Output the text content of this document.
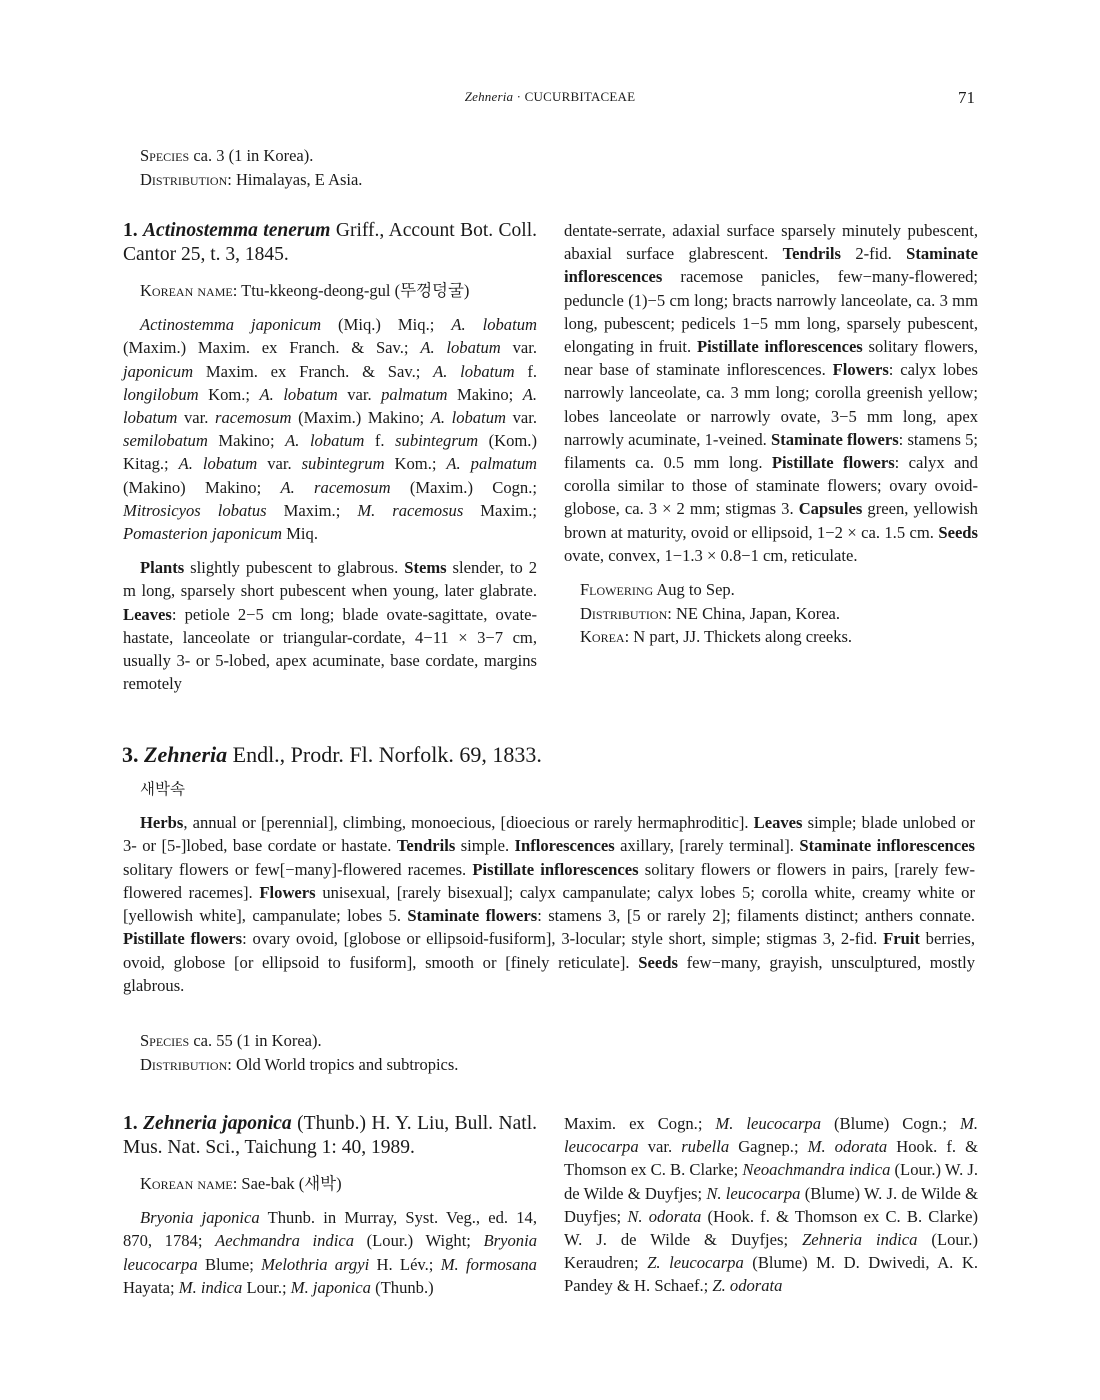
Zehneria · CUCURBITACEAE	71
Species ca. 3 (1 in Korea).
Distribution: Himalayas, E Asia.

1. Actinostemma tenerum Griff., Account Bot. Coll. Cantor 25, t. 3, 1845.

Korean name: Ttu-kkeong-deong-gul (뚜껑덩굴)

Actinostemma japonicum (Miq.) Miq.; A. lobatum (Maxim.) Maxim. ex Franch. & Sav.; A. lobatum var. japonicum Maxim. ex Franch. & Sav.; A. lobatum f. longilobum Kom.; A. lobatum var. palmatum Makino; A. lobatum var. racemosum (Maxim.) Makino; A. lobatum var. semilobatum Makino; A. lobatum f. subintegrum (Kom.) Kitag.; A. lobatum var. subintegrum Kom.; A. palmatum (Makino) Makino; A. racemosum (Maxim.) Cogn.; Mitrosicyos lobatus Maxim.; M. racemosus Maxim.; Pomasterion japonicum Miq.

Plants slightly pubescent to glabrous. Stems slender, to 2 m long, sparsely short pubescent when young, later glabrate. Leaves: petiole 2−5 cm long; blade ovate-sagittate, ovate-hastate, lanceolate or triangular-cordate, 4−11 × 3−7 cm, usually 3- or 5-lobed, apex acuminate, base cordate, margins remotely

dentate-serrate, adaxial surface sparsely minutely pubescent, abaxial surface glabrescent. Tendrils 2-fid. Staminate inflorescences racemose panicles, few−many-flowered; peduncle (1)−5 cm long; bracts narrowly lanceolate, ca. 3 mm long, pubescent; pedicels 1−5 mm long, sparsely pubescent, elongating in fruit. Pistillate inflorescences solitary flowers, near base of staminate inflorescences. Flowers: calyx lobes narrowly lanceolate, ca. 3 mm long; corolla greenish yellow; lobes lanceolate or narrowly ovate, 3−5 mm long, apex narrowly acuminate, 1-veined. Staminate flowers: stamens 5; filaments ca. 0.5 mm long. Pistillate flowers: calyx and corolla similar to those of staminate flowers; ovary ovoid-globose, ca. 3 × 2 mm; stigmas 3. Capsules green, yellowish brown at maturity, ovoid or ellipsoid, 1−2 × ca. 1.5 cm. Seeds ovate, convex, 1−1.3 × 0.8−1 cm, reticulate.

Flowering Aug to Sep.
Distribution: NE China, Japan, Korea.
Korea: N part, JJ. Thickets along creeks.
3. Zehneria Endl., Prodr. Fl. Norfolk. 69, 1833.
새박속
Herbs, annual or [perennial], climbing, monoecious, [dioecious or rarely hermaphroditic]. Leaves simple; blade unlobed or 3- or [5-]lobed, base cordate or hastate. Tendrils simple. Inflorescences axillary, [rarely terminal]. Staminate inflorescences solitary flowers or few[−many]-flowered racemes. Pistillate inflorescences solitary flowers or flowers in pairs, [rarely few-flowered racemes]. Flowers unisexual, [rarely bisexual]; calyx campanulate; calyx lobes 5; corolla white, creamy white or [yellowish white], campanulate; lobes 5. Staminate flowers: stamens 3, [5 or rarely 2]; filaments distinct; anthers connate. Pistillate flowers: ovary ovoid, [globose or ellipsoid-fusiform], 3-locular; style short, simple; stigmas 3, 2-fid. Fruit berries, ovoid, globose [or ellipsoid to fusiform], smooth or [finely reticulate]. Seeds few−many, grayish, unsculptured, mostly glabrous.
Species ca. 55 (1 in Korea).
Distribution: Old World tropics and subtropics.

1. Zehneria japonica (Thunb.) H. Y. Liu, Bull. Natl. Mus. Nat. Sci., Taichung 1: 40, 1989.

Korean name: Sae-bak (새박)

Bryonia japonica Thunb. in Murray, Syst. Veg., ed. 14, 870, 1784; Aechmandra indica (Lour.) Wight; Bryonia leucocarpa Blume; Melothria argyi H. Lév.; M. formosana Hayata; M. indica Lour.; M. japonica (Thunb.)

Maxim. ex Cogn.; M. leucocarpa (Blume) Cogn.; M. leucocarpa var. rubella Gagnep.; M. odorata Hook. f. & Thomson ex C. B. Clarke; Neoachmandra indica (Lour.) W. J. de Wilde & Duyfjes; N. leucocarpa (Blume) W. J. de Wilde & Duyfjes; N. odorata (Hook. f. & Thomson ex C. B. Clarke) W. J. de Wilde & Duyfjes; Zehneria indica (Lour.) Keraudren; Z. leucocarpa (Blume) M. D. Dwivedi, A. K. Pandey & H. Schaef.; Z. odorata
